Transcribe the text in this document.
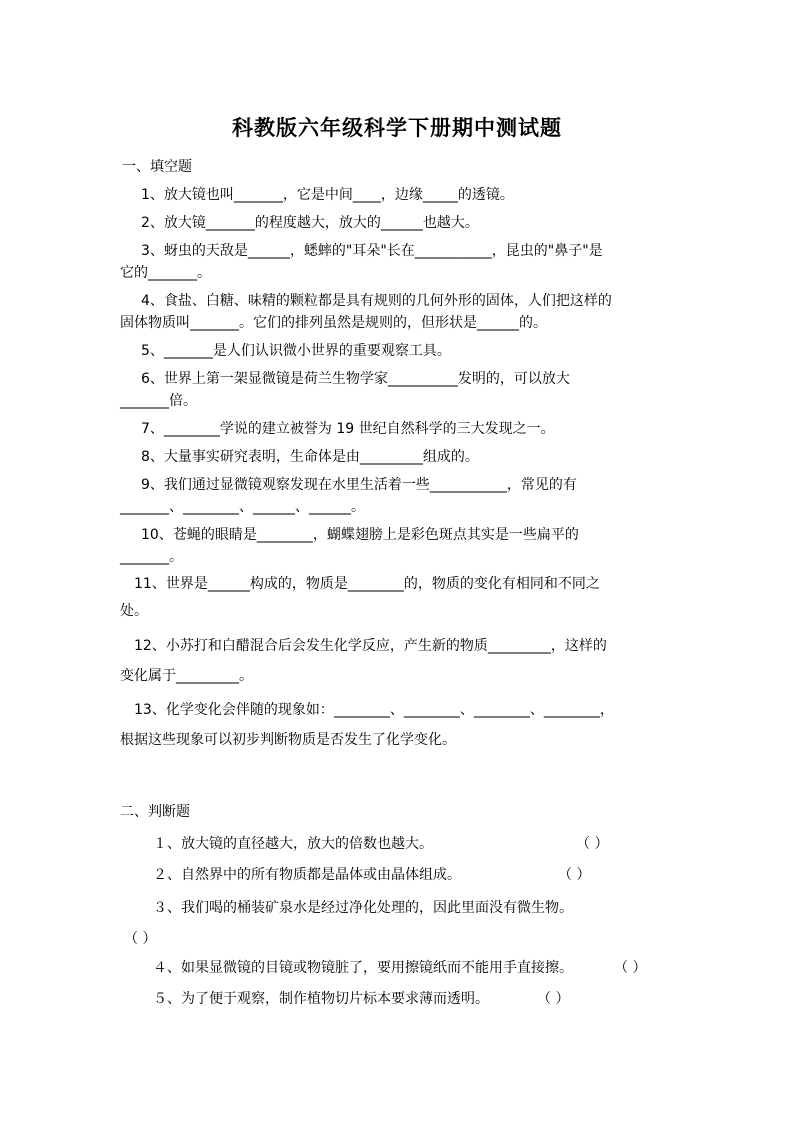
科教版六年级科学下册期中测试题
一、填空题
1、放大镜也叫_______，它是中间____，边缘_____的透镜。
2、放大镜_______的程度越大，放大的______也越大。
3、蚜虫的天敌是______，蟋蟀的"耳朵"长在___________，昆虫的"鼻子"是
它的_______。
4、食盐、白糖、味精的颗粒都是具有规则的几何外形的固体，人们把这样的
固体物质叫_______。它们的排列虽然是规则的，但形状是______的。
5、_______是人们认识微小世界的重要观察工具。
6、世界上第一架显微镜是荷兰生物学家__________发明的，可以放大
_______倍。
7、________学说的建立被誉为 19 世纪自然科学的三大发现之一。
8、大量事实研究表明，生命体是由_________组成的。
9、我们通过显微镜观察发现在水里生活着一些___________，常见的有
_______、________、______、______。
10、苍蝇的眼睛是________，蝴蝶翅膀上是彩色斑点其实是一些扁平的
_______。
11、世界是______构成的，物质是________的，物质的变化有相同和不同之
处。
12、小苏打和白醋混合后会发生化学反应，产生新的物质_________，这样的
变化属于_________。
13、化学变化会伴随的现象如：________、________、________、________，
根据这些现象可以初步判断物质是否发生了化学变化。
二、判断题
１、放大镜的直径越大，放大的倍数也越大。	（ ）
２、自然界中的所有物质都是晶体或由晶体组成。	（ ）
３、我们喝的桶装矿泉水是经过净化处理的，因此里面没有微生物。
（ ）
４、如果显微镜的目镜或物镜脏了，要用擦镜纸而不能用手直接擦。	（ ）
５、为了便于观察，制作植物切片标本要求薄而透明。	（ ）
